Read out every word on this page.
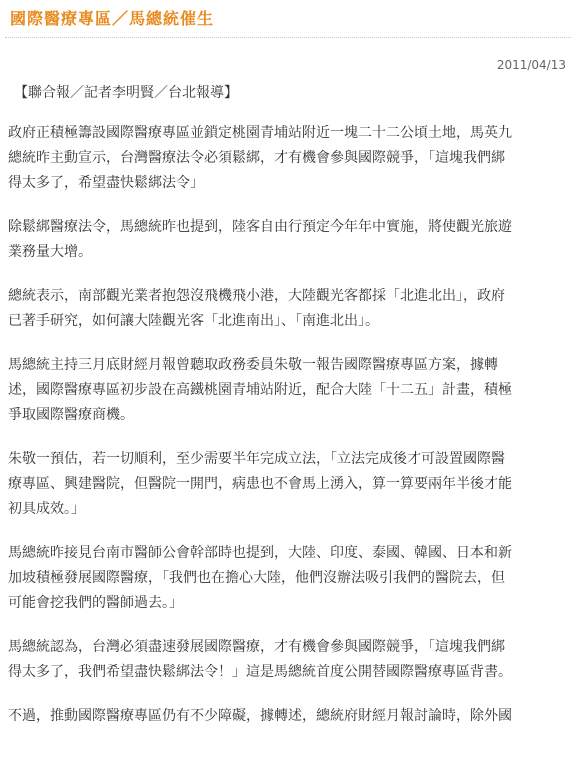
國際醫療專區／馬總統催生
2011/04/13
【聯合報／記者李明賢／台北報導】

政府正積極籌設國際醫療專區並鎖定桃園青埔站附近一塊二十二公頃土地，馬英九
總統昨主動宣示，台灣醫療法令必須鬆綁，才有機會參與國際競爭，「這塊我們綁
得太多了，希望盡快鬆綁法令」

除鬆綁醫療法令，馬總統昨也提到，陸客自由行預定今年年中實施，將使觀光旅遊
業務量大增。

總統表示，南部觀光業者抱怨沒飛機飛小港，大陸觀光客都採「北進北出」，政府
已著手研究，如何讓大陸觀光客「北進南出」、「南進北出」。

馬總統主持三月底財經月報曾聽取政務委員朱敬一報告國際醫療專區方案，據轉
述，國際醫療專區初步設在高鐵桃園青埔站附近，配合大陸「十二五」計畫，積極
爭取國際醫療商機。

朱敬一預估，若一切順利，至少需要半年完成立法，「立法完成後才可設置國際醫
療專區、興建醫院，但醫院一開門，病患也不會馬上湧入，算一算要兩年半後才能
初具成效。」

馬總統昨接見台南市醫師公會幹部時也提到，大陸、印度、泰國、韓國、日本和新
加坡積極發展國際醫療，「我們也在擔心大陸，他們沒辦法吸引我們的醫院去，但
可能會挖我們的醫師過去。」

馬總統認為，台灣必須盡速發展國際醫療，才有機會參與國際競爭，「這塊我們綁
得太多了，我們希望盡快鬆綁法令！」這是馬總統首度公開替國際醫療專區背書。

不過，推動國際醫療專區仍有不少障礙，據轉述，總統府財經月報討論時，除外國
